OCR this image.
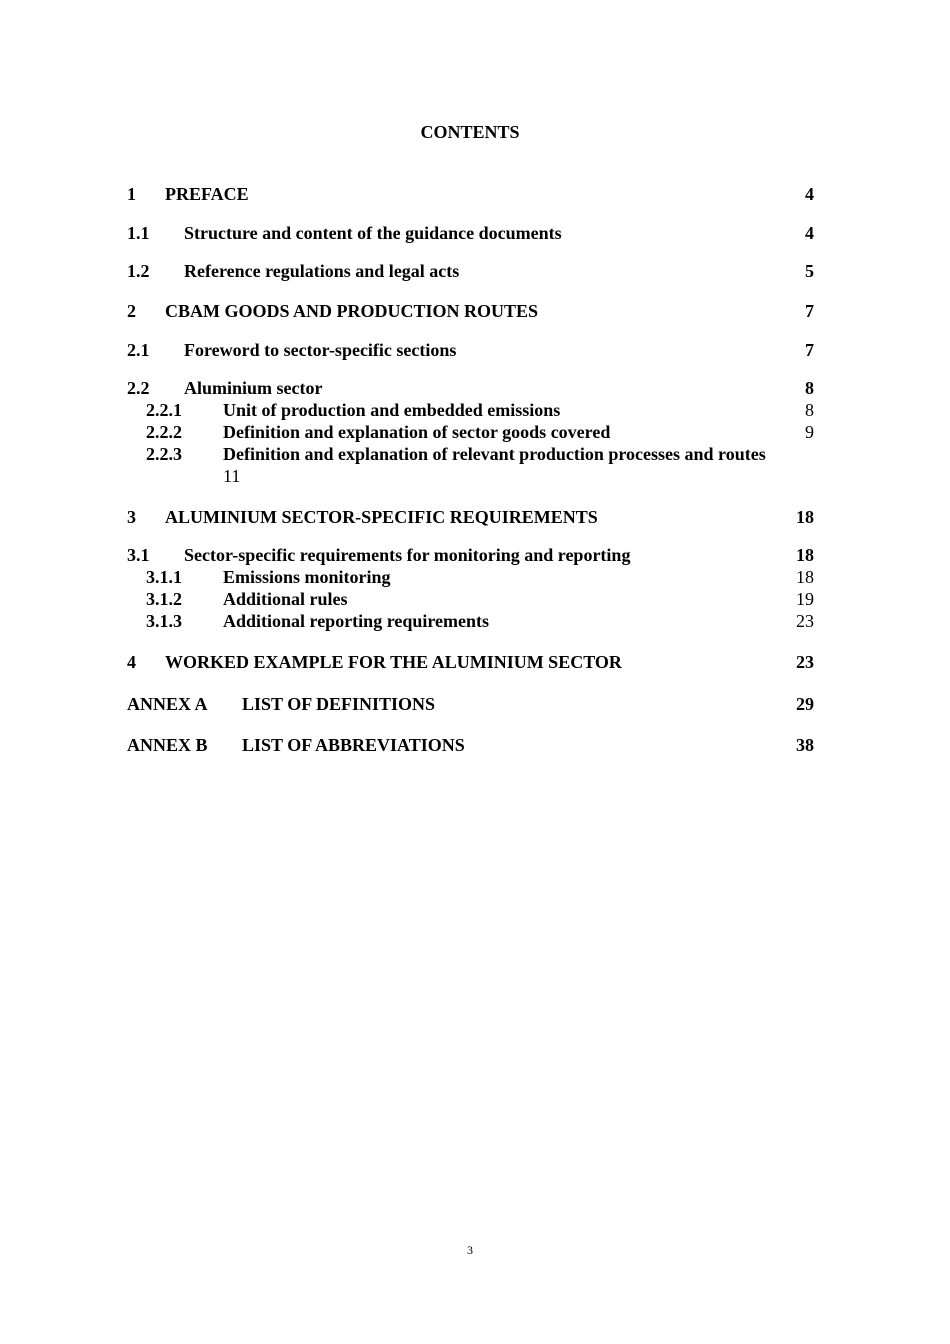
CONTENTS
1 PREFACE	4
1.1 Structure and content of the guidance documents	4
1.2 Reference regulations and legal acts	5
2 CBAM GOODS AND PRODUCTION ROUTES	7
2.1 Foreword to sector-specific sections	7
2.2 Aluminium sector	8
2.2.1 Unit of production and embedded emissions	8
2.2.2 Definition and explanation of sector goods covered	9
2.2.3 Definition and explanation of relevant production processes and routes
11
3 ALUMINIUM SECTOR-SPECIFIC REQUIREMENTS	18
3.1 Sector-specific requirements for monitoring and reporting	18
3.1.1 Emissions monitoring	18
3.1.2 Additional rules	19
3.1.3 Additional reporting requirements	23
4 WORKED EXAMPLE FOR THE ALUMINIUM SECTOR	23
ANNEX A LIST OF DEFINITIONS	29
ANNEX B LIST OF ABBREVIATIONS	38
3
